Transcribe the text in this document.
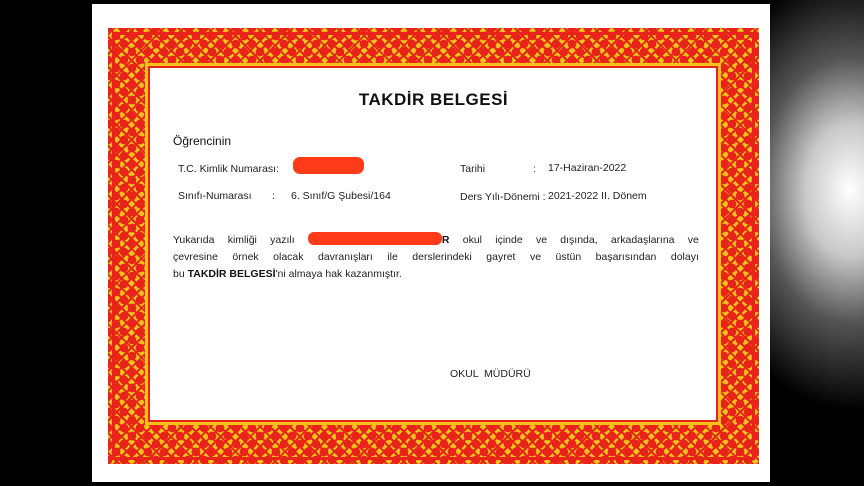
TAKDİR BELGESİ
Öğrencinin
T.C. Kimlik Numarası:
Sınıfı-Numarası : 6. Sınıf/G Şubesi/164
Tarihi	: 17-Haziran-2022
Ders Yılı-Dönemi : 2021-2022 II. Dönem
Yukarıda kimliği yazılı	R okul içinde ve dışında, arkadaşlarına ve
çevresine örnek olacak davranışları ile derslerindeki gayret ve üstün başarısından dolayı
bu TAKDİR BELGESİ 'ni almaya hak kazanmıştır.
OKUL  MÜDÜRÜ
